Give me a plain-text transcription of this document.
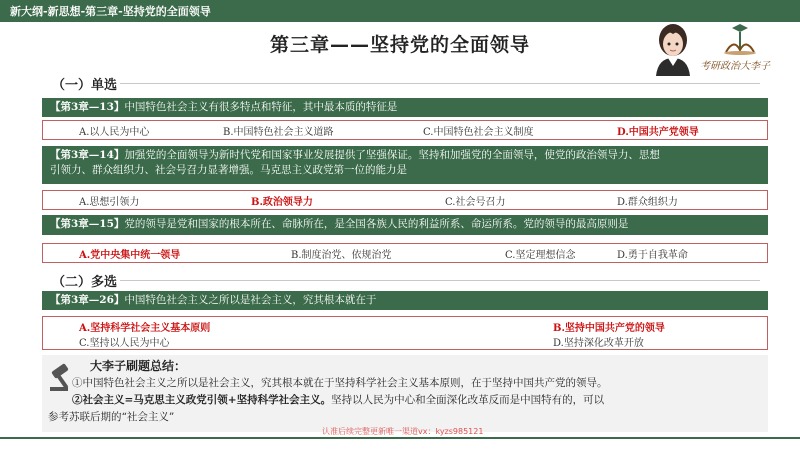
新大纲-新思想-第三章-坚持党的全面领导
第三章——坚持党的全面领导
考研政治大李子
（一）单选
【第3章—13】中国特色社会主义有很多特点和特征，其中最本质的特征是
A.以人民为中心	B.中国特色社会主义道路	C.中国特色社会主义制度	D.中国共产党领导
【第3章—14】加强党的全面领导为新时代党和国家事业发展提供了坚强保证。坚持和加强党的全面领导，使党的政治领导力、思想
引领力、群众组织力、社会号召力显著增强。马克思主义政党第一位的能力是
A.思想引领力	B.政治领导力	C.社会号召力	D.群众组织力
【第3章—15】党的领导是党和国家的根本所在、命脉所在，是全国各族人民的利益所系、命运所系。党的领导的最高原则是
A.党中央集中统一领导	B.制度治党、依规治党	C.坚定理想信念	D.勇于自我革命
（二）多选
【第3章—26】中国特色社会主义之所以是社会主义，究其根本就在于
A.坚持科学社会主义基本原则	B.坚持中国共产党的领导
C.坚持以人民为中心	D.坚持深化改革开放
大李子刷题总结：
①中国特色社会主义之所以是社会主义，究其根本就在于坚持科学社会主义基本原则，在于坚持中国共产党的领导。
②社会主义=马克思主义政党引领+坚持科学社会主义。坚持以人民为中心和全面深化改革反而是中国特有的，可以
参考苏联后期的“社会主义”
认准后续完整更新唯一渠道vx：kyzs985121
